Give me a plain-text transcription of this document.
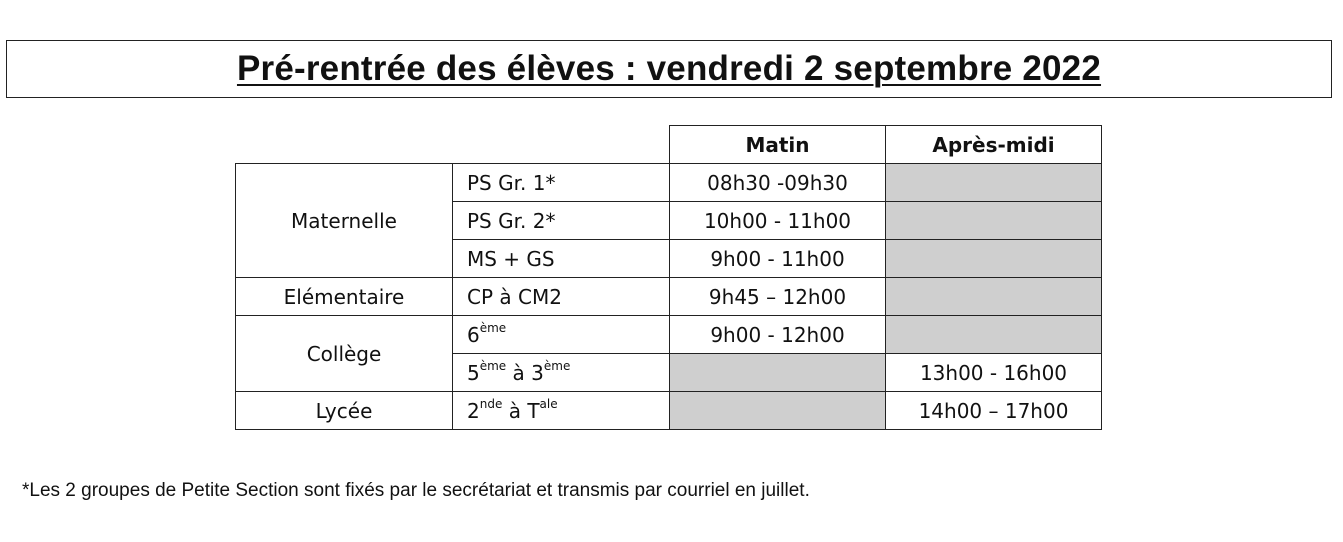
Pré-rentrée des élèves : vendredi 2 septembre 2022
		Matin	Après-midi
Maternelle	PS Gr. 1*	08h30 -09h30	
	PS Gr. 2*	10h00 - 11h00	
	MS + GS	9h00 - 11h00	
Elémentaire	CP à CM2	9h45 – 12h00	
Collège	6ème	9h00 - 12h00	
	5ème à 3ème		13h00 - 16h00
Lycée	2nde à $T^{ale}$		14h00 – 17h00
*Les 2 groupes de Petite Section sont fixés par le secrétariat et transmis par courriel en juillet.
